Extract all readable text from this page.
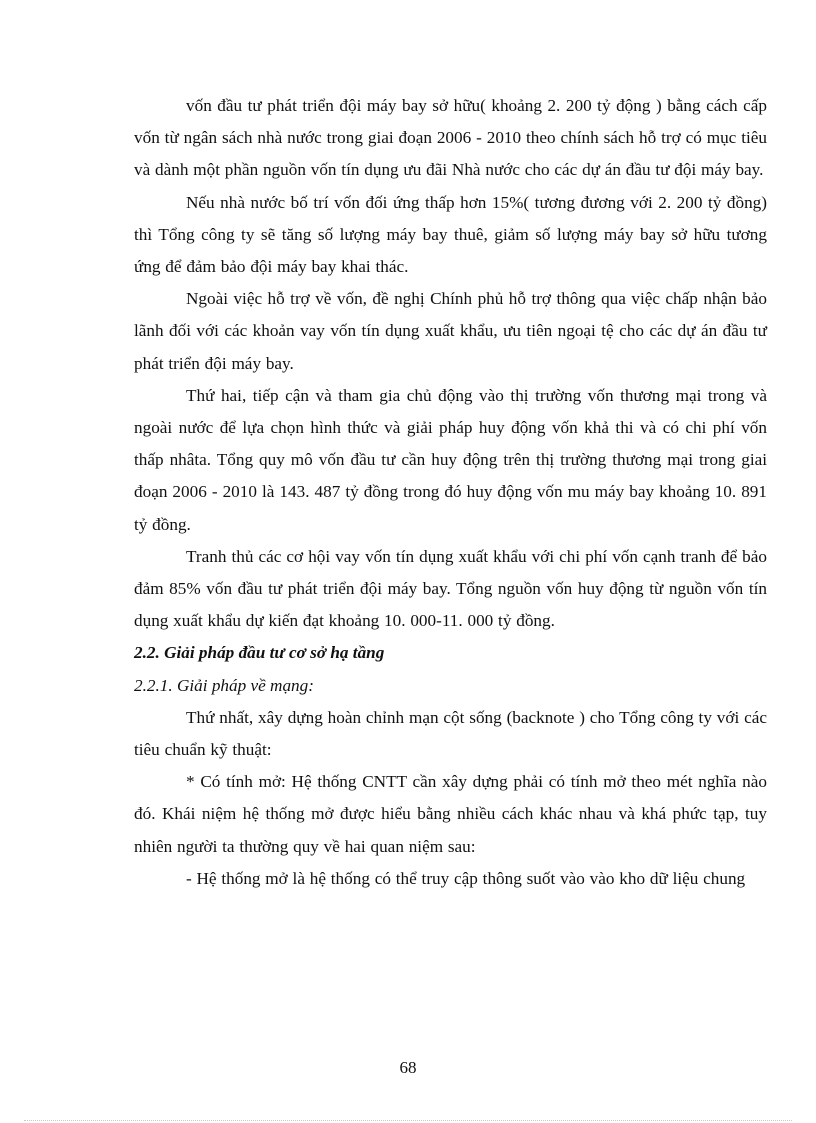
vốn đầu tư phát triển đội máy bay sở hữu( khoảng 2. 200 tỷ động ) bằng cách cấp vốn từ ngân sách nhà nước trong giai đoạn 2006 - 2010 theo chính sách hỗ trợ có mục tiêu và dành một phần nguồn vốn tín dụng ưu đãi Nhà nước cho các dự án đầu tư đội máy bay.

Nếu nhà nước bố trí vốn đối ứng thấp hơn 15%( tương đương với 2. 200 tỷ đồng) thì Tổng công ty sẽ tăng số lượng máy bay thuê, giảm số lượng máy bay sở hữu tương ứng để đảm bảo đội máy bay khai thác.

Ngoài việc hỗ trợ về vốn, đề nghị Chính phủ hỗ trợ thông qua việc chấp nhận bảo lãnh đối với các khoản vay vốn tín dụng xuất khẩu, ưu tiên ngoại tệ cho các dự án đầu tư phát triển đội máy bay.

Thứ hai, tiếp cận và tham gia chủ động vào thị trường vốn thương mại trong và ngoài nước để lựa chọn hình thức và giải pháp huy động vốn khả thi và có chi phí vốn thấp nhâta. Tổng quy mô vốn đầu tư cần huy động trên thị trường thương mại trong giai đoạn 2006 - 2010 là 143. 487 tỷ đồng trong đó huy động vốn mu máy bay khoảng 10. 891 tỷ đồng.

Tranh thủ các cơ hội vay vốn tín dụng xuất khẩu với chi phí vốn cạnh tranh để bảo đảm 85% vốn đầu tư phát triển đội máy bay. Tổng nguồn vốn huy động từ nguồn vốn tín dụng xuất khẩu dự kiến đạt khoảng 10. 000-11. 000 tỷ đồng.

2.2. Giải pháp đầu tư cơ sở hạ tầng

2.2.1. Giải pháp về mạng:

Thứ nhất, xây dựng hoàn chỉnh mạn cột sống (backnote ) cho Tổng công ty với các tiêu chuẩn kỹ thuật:

* Có tính mở: Hệ thống CNTT cần xây dựng phải có tính mở theo mét nghĩa nào đó. Khái niệm hệ thống mở được hiểu bằng nhiều cách khác nhau và khá phức tạp, tuy nhiên người ta thường quy về hai quan niệm sau:

- Hệ thống mở là hệ thống có thể truy cập thông suốt vào vào kho dữ liệu chung

68
